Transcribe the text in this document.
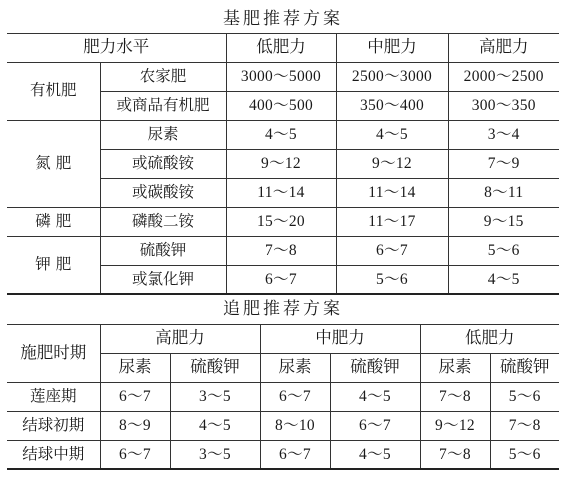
基肥推荐方案				
肥力水平		低肥力	中肥力	高肥力
有机肥	农家肥	3000～5000	2500～3000	2000～2500
	或商品有机肥	400～500	350～400	300～350
氮 肥	尿素	4～5	4～5	3～4
	或硫酸铵	9～12	9～12	7～9
	或碳酸铵	11～14	11～14	8～11
磷 肥	磷酸二铵	15～20	11～17	9～15
钾 肥	硫酸钾	7～8	6～7	5～6
	或氯化钾	6～7	5～6	4～5
追肥推荐方案						
施肥时期	高肥力		中肥力		低肥力	
	尿素	硫酸钾	尿素	硫酸钾	尿素	硫酸钾
莲座期	6～7	3～5	6～7	4～5	7～8	5～6
结球初期	8～9	4～5	8～10	6～7	9～12	7～8
结球中期	6～7	3～5	6～7	4～5	7～8	5～6
